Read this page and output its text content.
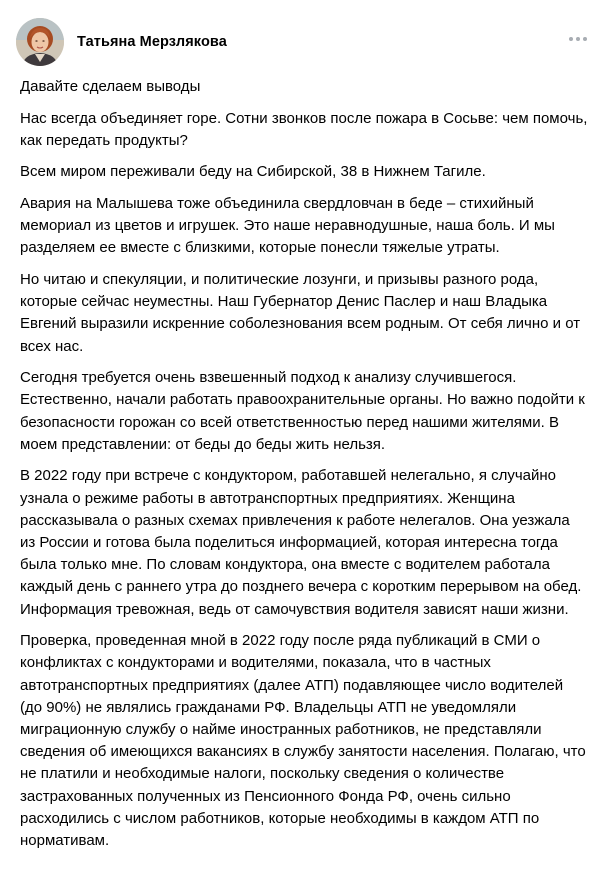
Татьяна Мерзлякова

Давайте сделаем выводы

Нас всегда объединяет горе. Сотни звонков после пожара в Сосьве: чем помочь, как передать продукты?

Всем миром переживали беду на Сибирской, 38 в Нижнем Тагиле.

Авария на Малышева тоже объединила свердловчан в беде – стихийный мемориал из цветов и игрушек. Это наше неравнодушные, наша боль. И мы разделяем ее вместе с близкими, которые понесли тяжелые утраты.

Но читаю и спекуляции, и политические лозунги, и призывы разного рода, которые сейчас неуместны. Наш Губернатор Денис Паслер и наш Владыка Евгений выразили искренние соболезнования всем родным. От себя лично и от всех нас.

Сегодня требуется очень взвешенный подход к анализу случившегося. Естественно, начали работать правоохранительные органы. Но важно подойти к безопасности горожан со всей ответственностью перед нашими жителями. В моем представлении: от беды до беды жить нельзя.

В 2022 году при встрече с кондуктором, работавшей нелегально, я случайно узнала о режиме работы в автотранспортных предприятиях. Женщина рассказывала о разных схемах привлечения к работе нелегалов. Она уезжала из России и готова была поделиться информацией, которая интересна тогда была только мне. По словам кондуктора, она вместе с водителем работала каждый день с раннего утра до позднего вечера с коротким перерывом на обед. Информация тревожная, ведь от самочувствия водителя зависят наши жизни.

Проверка, проведенная мной в 2022 году после ряда публикаций в СМИ о конфликтах с кондукторами и водителями, показала, что в частных автотранспортных предприятиях (далее АТП) подавляющее число водителей (до 90%) не являлись гражданами РФ. Владельцы АТП не уведомляли миграционную службу о найме иностранных работников, не представляли сведения об имеющихся вакансиях в службу занятости населения. Полагаю, что не платили и необходимые налоги, поскольку сведения о количестве застрахованных полученных из Пенсионного Фонда РФ, очень сильно расходились с числом работников, которые необходимы в каждом АТП по нормативам.
